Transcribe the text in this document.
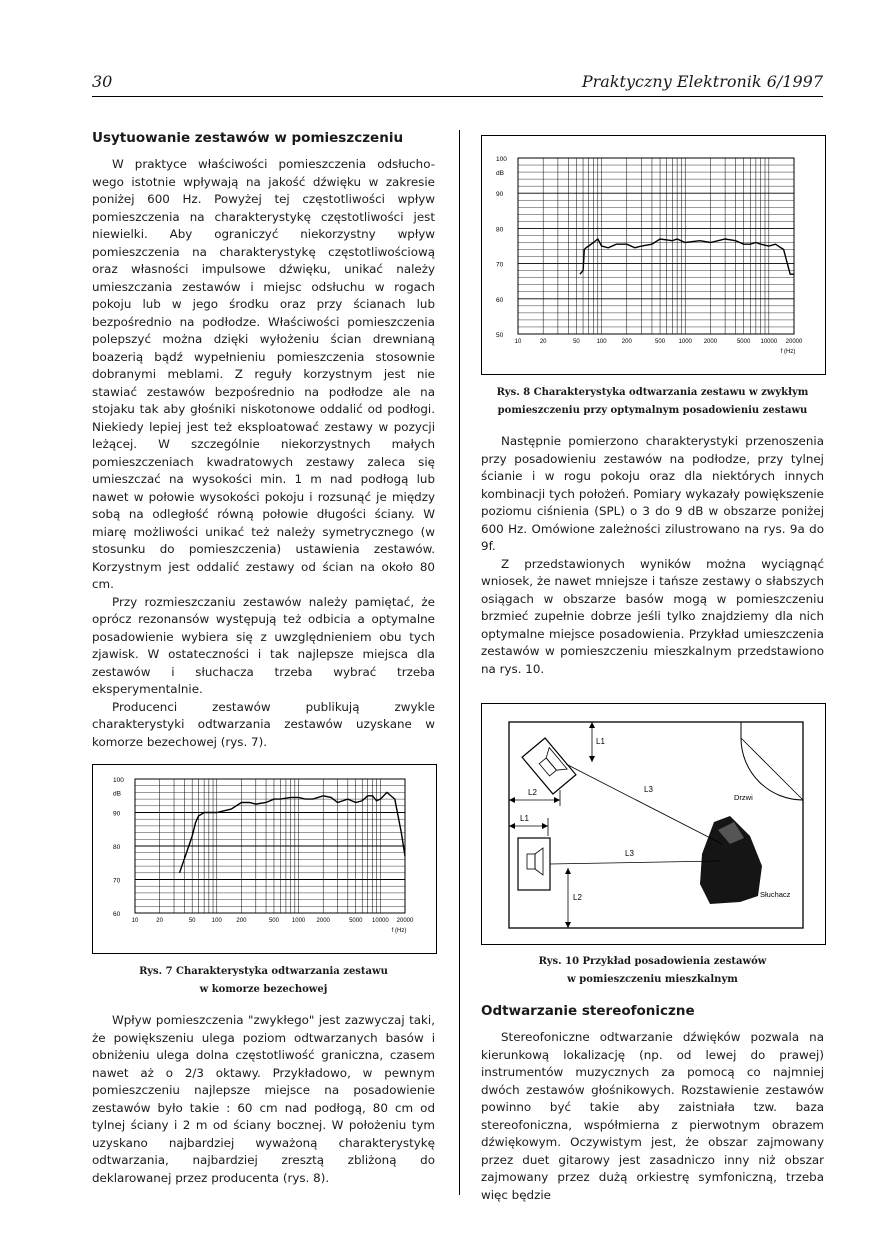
30	Praktyczny Elektronik 6/1997
Usytuowanie zestawów w pomieszczeniu

W praktyce właściwości pomieszczenia odsłucho-wego istotnie wpływają na jakość dźwięku w zakresie poniżej 600 Hz. Powyżej tej częstotliwości wpływ pomieszczenia na charakterystykę częstotliwości jest niewielki. Aby ograniczyć niekorzystny wpływ pomieszczenia na charakterystykę częstotliwościową oraz własności impulsowe dźwięku, unikać należy umieszczania zestawów i miejsc odsłuchu w rogach pokoju lub w jego środku oraz przy ścianach lub bezpośrednio na podłodze. Właściwości pomieszczenia polepszyć można dzięki wyłożeniu ścian drewnianą boazerią bądź wypełnieniu pomieszczenia stosownie dobranymi meblami. Z reguły korzystnym jest nie stawiać zestawów bezpośrednio na podłodze ale na stojaku tak aby głośniki niskotonowe oddalić od podłogi. Niekiedy lepiej jest też eksploatować zestawy w pozycji leżącej. W szczególnie niekorzystnych małych pomieszczeniach kwadratowych zestawy zaleca się umieszczać na wysokości min. 1 m nad podłogą lub nawet w połowie wysokości pokoju i rozsunąć je między sobą na odległość równą połowie długości ściany. W miarę możliwości unikać też należy symetrycznego (w stosunku do pomieszczenia) ustawienia zestawów. Korzystnym jest oddalić zestawy od ścian na około 80 cm.

Przy rozmieszczaniu zestawów należy pamiętać, że oprócz rezonansów występują też odbicia a optymalne posadowienie wybiera się z uwzględnieniem obu tych zjawisk. W ostateczności i tak najlepsze miejsca dla zestawów i słuchacza trzeba wybrać trzeba eksperymentalnie.

Producenci zestawów publikują zwykle charakterystyki odtwarzania zestawów uzyskane w komorze bezechowej (rys. 7).

60
70
80
90
100
dB
10	20	50	100 200	500 1000 2000	5000 10000 20000
f (Hz)
Rys. 7 Charakterystyka odtwarzania zestawu
w komorze bezechowej

Wpływ pomieszczenia "zwykłego" jest zazwyczaj taki, że powiększeniu ulega poziom odtwarzanych basów i obniżeniu ulega dolna częstotliwość graniczna, czasem nawet aż o 2/3 oktawy. Przykładowo, w pewnym pomieszczeniu najlepsze miejsce na posadowienie zestawów było takie : 60 cm nad podłogą, 80 cm od tylnej ściany i 2 m od ściany bocznej. W położeniu tym uzyskano najbardziej wyważoną charakterystykę odtwarzania, najbardziej zresztą zbliżoną do deklarowanej przez producenta (rys. 8).

50
60
70
80
90
100
dB
10	20	50	100	200	500 1000 2000	5000 10000 20000
f (Hz)
Rys. 8 Charakterystyka odtwarzania zestawu w zwykłym
pomieszczeniu przy optymalnym posadowieniu zestawu

Następnie pomierzono charakterystyki przenoszenia przy posadowieniu zestawów na podłodze, przy tylnej ścianie i w rogu pokoju oraz dla niektórych innych kombinacji tych położeń. Pomiary wykazały powiększenie poziomu ciśnienia (SPL) o 3 do 9 dB w obszarze poniżej 600 Hz. Omówione zależności zilustrowano na rys. 9a do 9f.

Z przedstawionych wyników można wyciągnąć wniosek, że nawet mniejsze i tańsze zestawy o słabszych osiągach w obszarze basów mogą w pomieszczeniu brzmieć zupełnie dobrze jeśli tylko znajdziemy dla nich optymalne miejsce posadowienia. Przykład umieszczenia zestawów w pomieszczeniu mieszkalnym przedstawiono na rys. 10.

Drzwi
Słuchacz
L3
L3
L1
L2
L1
L2
Rys. 10 Przykład posadowienia zestawów
w pomieszczeniu mieszkalnym
Odtwarzanie stereofoniczne

Stereofoniczne odtwarzanie dźwięków pozwala na kierunkową lokalizację (np. od lewej do prawej) instrumentów muzycznych za pomocą co najmniej dwóch zestawów głośnikowych. Rozstawienie zestawów powinno być takie aby zaistniała tzw. baza stereofoniczna, współmierna z pierwotnym obrazem dźwiękowym. Oczywistym jest, że obszar zajmowany przez duet gitarowy jest zasadniczo inny niż obszar zajmowany przez dużą orkiestrę symfoniczną, trzeba więc będzie
